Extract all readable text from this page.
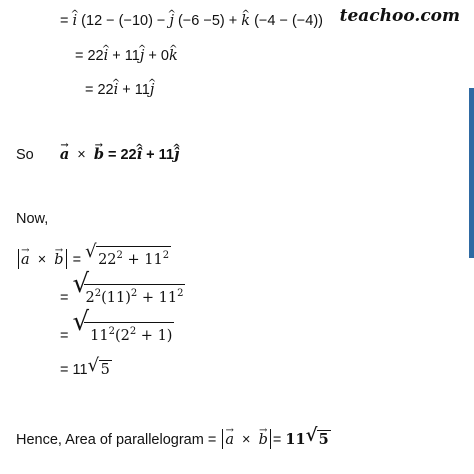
teachoo.com
= i ^ (12 − (−10) − j ^ (−6 −5) + k ^ (−4 − (−4))
= 22i ^ + 11j ^ + 0k ^
= 22i ^ + 11j ^
So a →  ×  b → = 22î ^ + 11ĵ ^
Now,
a →  ×  b → = √ $22^2 + 11^2$
= √
$2^2(11)^2 + 11^2$
= √
$11^2(2^2 + 1)$
= 11 √ 5
Hence, Area of parallelogram = a →  ×  b → = 11 √ 5
